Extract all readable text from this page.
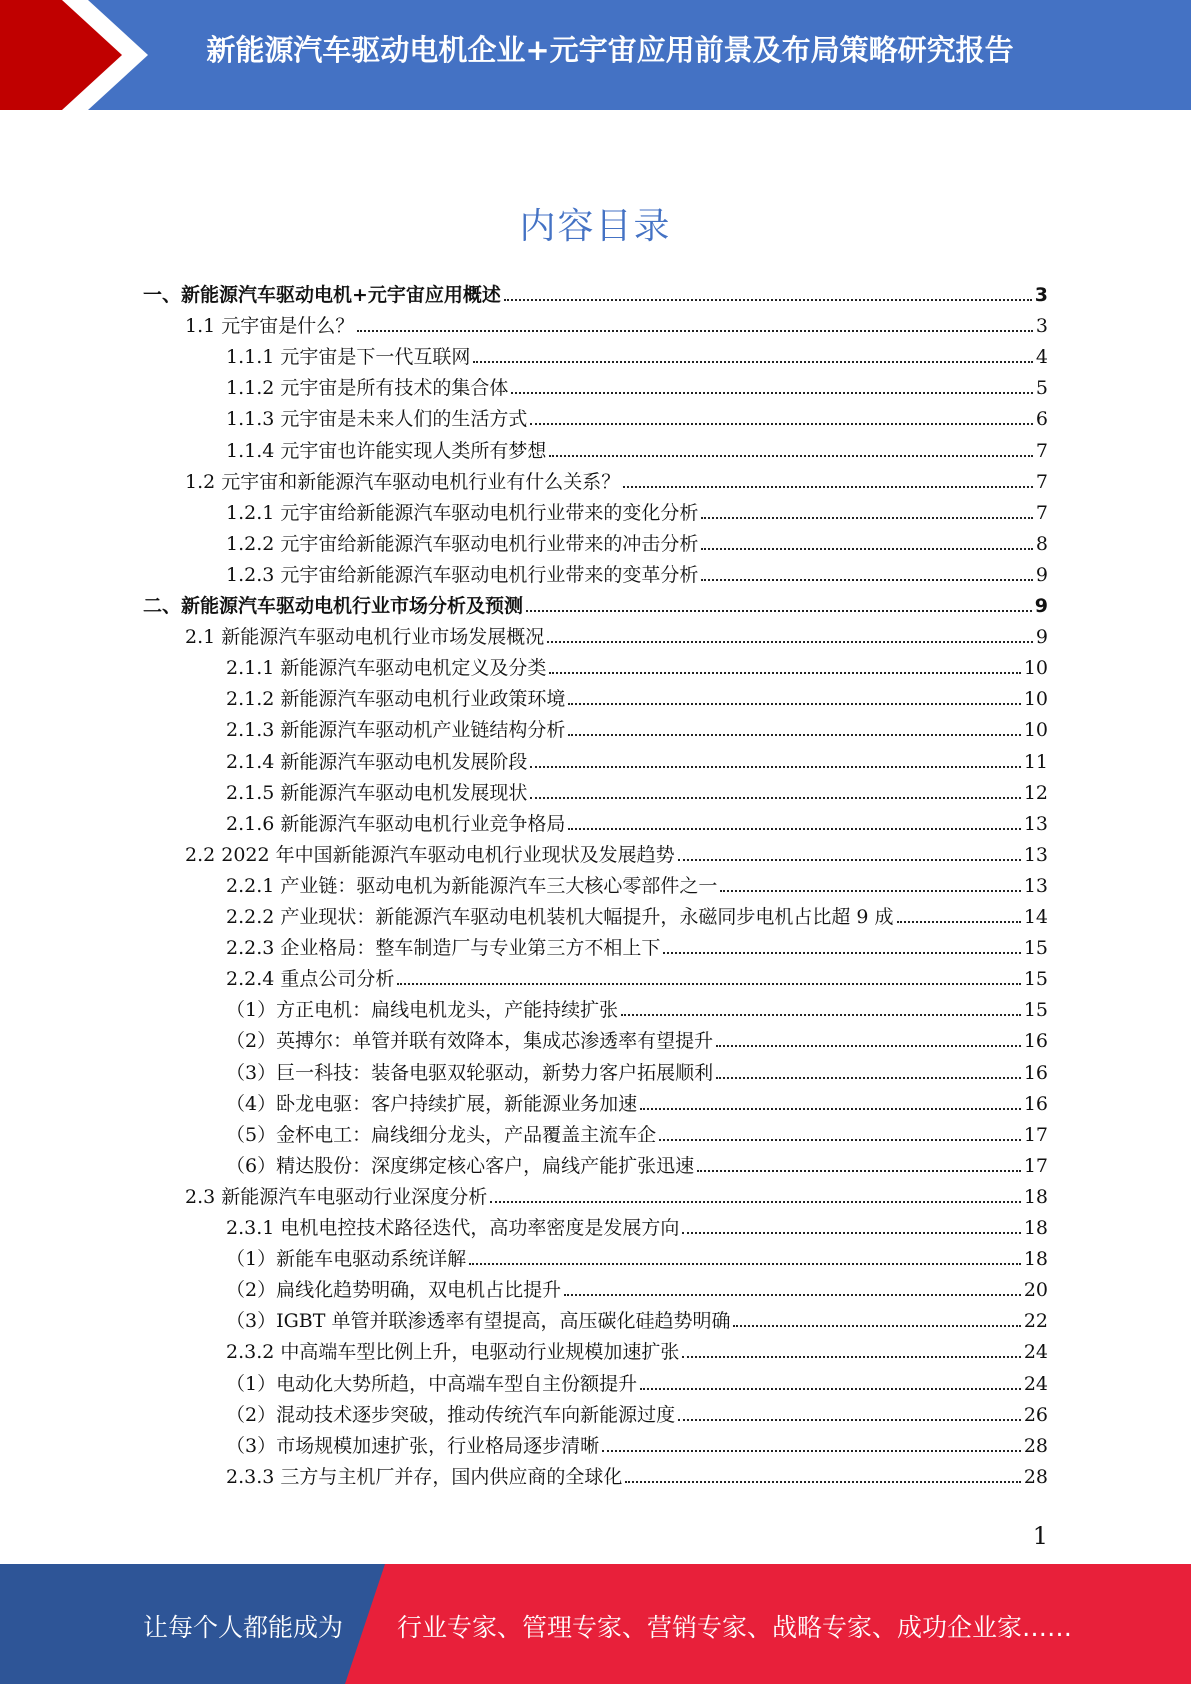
新能源汽车驱动电机企业+元宇宙应用前景及布局策略研究报告
内容目录
一、新能源汽车驱动电机+元宇宙应用概述	3
1.1 元宇宙是什么？	3
1.1.1 元宇宙是下一代互联网	4
1.1.2 元宇宙是所有技术的集合体	5
1.1.3 元宇宙是未来人们的生活方式	6
1.1.4 元宇宙也许能实现人类所有梦想	7
1.2 元宇宙和新能源汽车驱动电机行业有什么关系？	7
1.2.1 元宇宙给新能源汽车驱动电机行业带来的变化分析	7
1.2.2 元宇宙给新能源汽车驱动电机行业带来的冲击分析	8
1.2.3 元宇宙给新能源汽车驱动电机行业带来的变革分析	9
二、新能源汽车驱动电机行业市场分析及预测	9
2.1 新能源汽车驱动电机行业市场发展概况	9
2.1.1 新能源汽车驱动电机定义及分类	10
2.1.2 新能源汽车驱动电机行业政策环境	10
2.1.3 新能源汽车驱动机产业链结构分析	10
2.1.4 新能源汽车驱动电机发展阶段	11
2.1.5 新能源汽车驱动电机发展现状	12
2.1.6 新能源汽车驱动电机行业竞争格局	13
2.2 2022 年中国新能源汽车驱动电机行业现状及发展趋势	13
2.2.1 产业链：驱动电机为新能源汽车三大核心零部件之一	13
2.2.2 产业现状：新能源汽车驱动电机装机大幅提升，永磁同步电机占比超 9 成	14
2.2.3 企业格局：整车制造厂与专业第三方不相上下	15
2.2.4 重点公司分析	15
（1）方正电机：扁线电机龙头，产能持续扩张	15
（2）英搏尔：单管并联有效降本，集成芯渗透率有望提升	16
（3）巨一科技：装备电驱双轮驱动，新势力客户拓展顺利	16
（4）卧龙电驱：客户持续扩展，新能源业务加速	16
（5）金杯电工：扁线细分龙头，产品覆盖主流车企	17
（6）精达股份：深度绑定核心客户，扁线产能扩张迅速	17
2.3 新能源汽车电驱动行业深度分析	18
2.3.1 电机电控技术路径迭代，高功率密度是发展方向	18
（1）新能车电驱动系统详解	18
（2）扁线化趋势明确，双电机占比提升	20
（3）IGBT 单管并联渗透率有望提高，高压碳化硅趋势明确	22
2.3.2 中高端车型比例上升，电驱动行业规模加速扩张	24
（1）电动化大势所趋，中高端车型自主份额提升	24
（2）混动技术逐步突破，推动传统汽车向新能源过度	26
（3）市场规模加速扩张，行业格局逐步清晰	28
2.3.3 三方与主机厂并存，国内供应商的全球化	28
1
让每个人都能成为 行业专家、管理专家、营销专家、战略专家、成功企业家……
